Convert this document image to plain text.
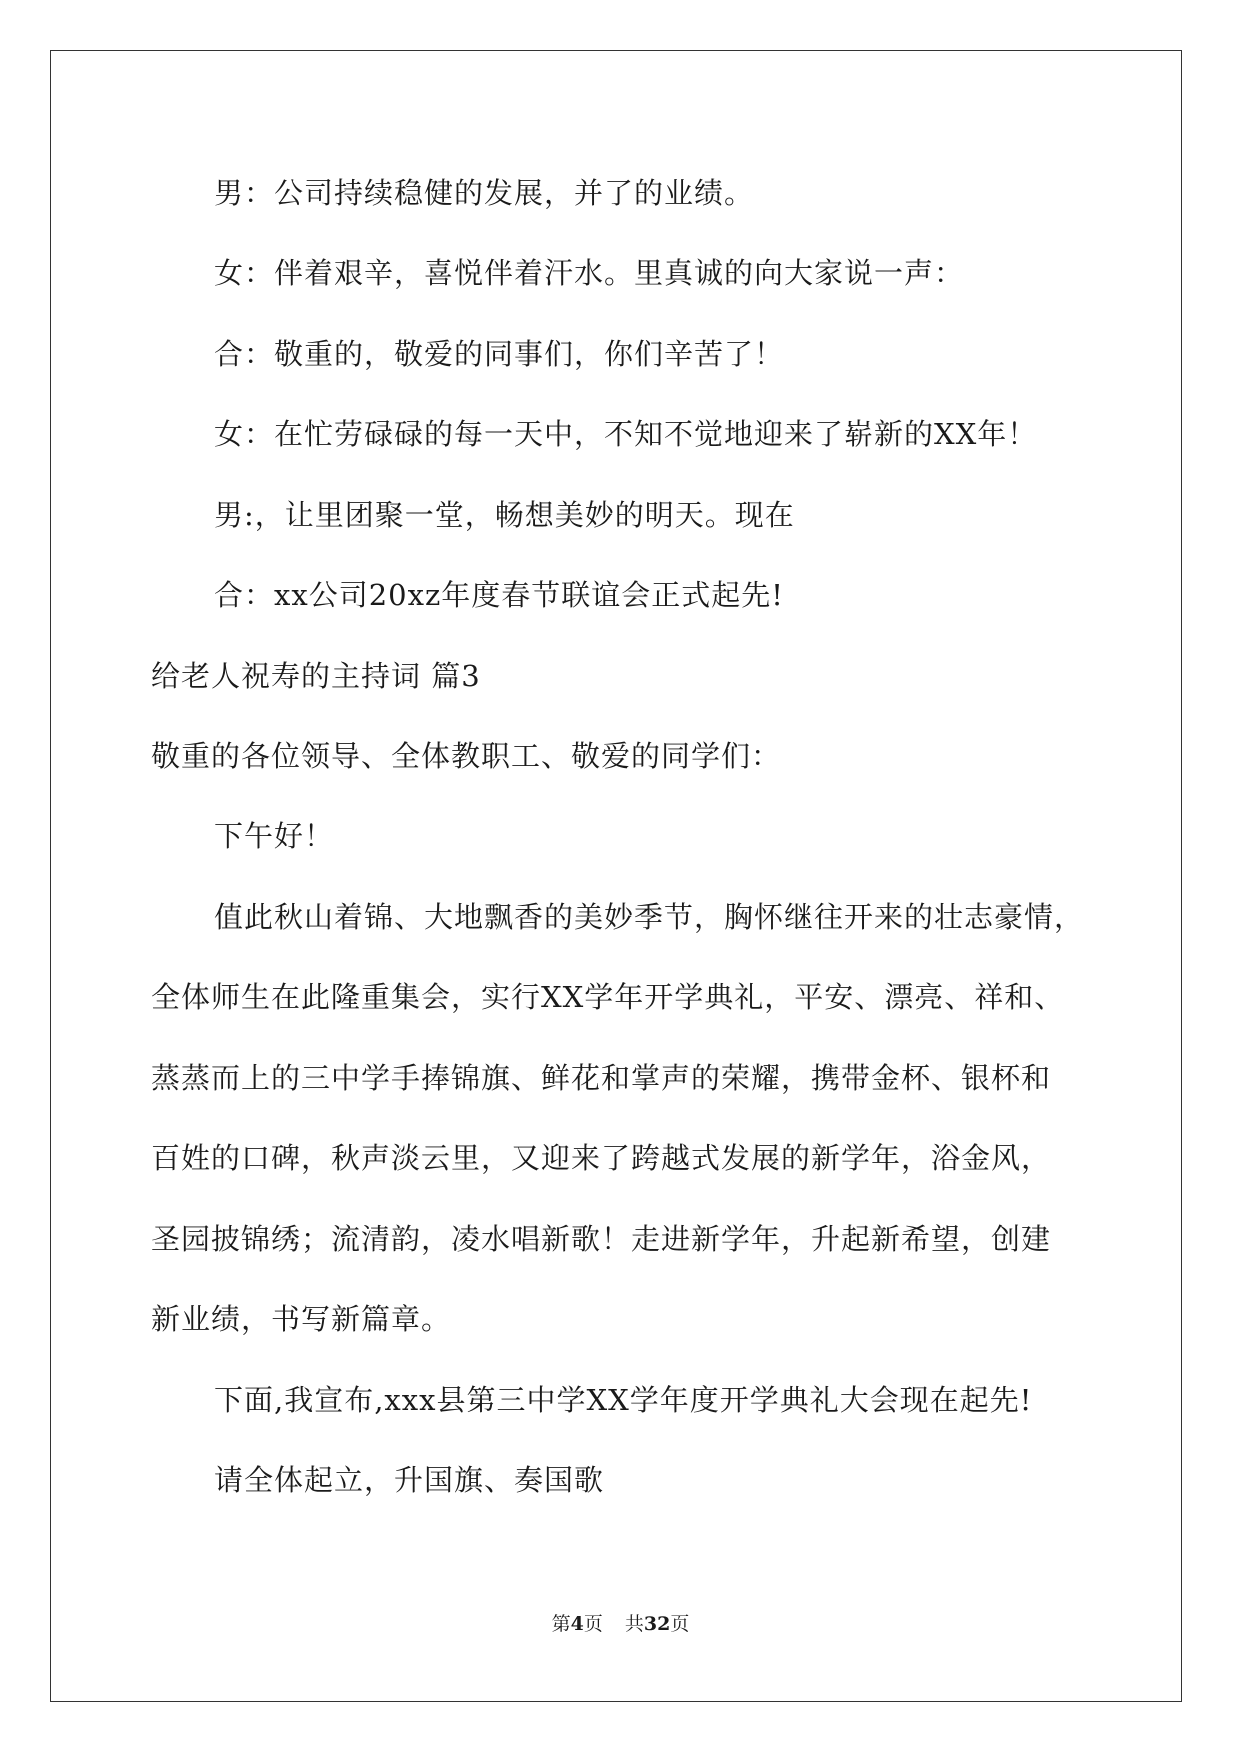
男：公司持续稳健的发展，并了的业绩。
女：伴着艰辛，喜悦伴着汗水。里真诚的向大家说一声：
合：敬重的，敬爱的同事们，你们辛苦了！
女：在忙劳碌碌的每一天中，不知不觉地迎来了崭新的XX年！
男:，让里团聚一堂，畅想美妙的明天。现在
合：xx公司20xz年度春节联谊会正式起先!
给老人祝寿的主持词 篇3
敬重的各位领导、全体教职工、敬爱的同学们：
下午好！
值此秋山着锦、大地飘香的美妙季节，胸怀继往开来的壮志豪情，
全体师生在此隆重集会，实行XX学年开学典礼，平安、漂亮、祥和、
蒸蒸而上的三中学手捧锦旗、鲜花和掌声的荣耀，携带金杯、银杯和
百姓的口碑，秋声淡云里，又迎来了跨越式发展的新学年，浴金风，
圣园披锦绣；流清韵，凌水唱新歌！走进新学年，升起新希望，创建
新业绩，书写新篇章。
下面,我宣布,xxx县第三中学XX学年度开学典礼大会现在起先!
请全体起立，升国旗、奏国歌
第4页 共32页
